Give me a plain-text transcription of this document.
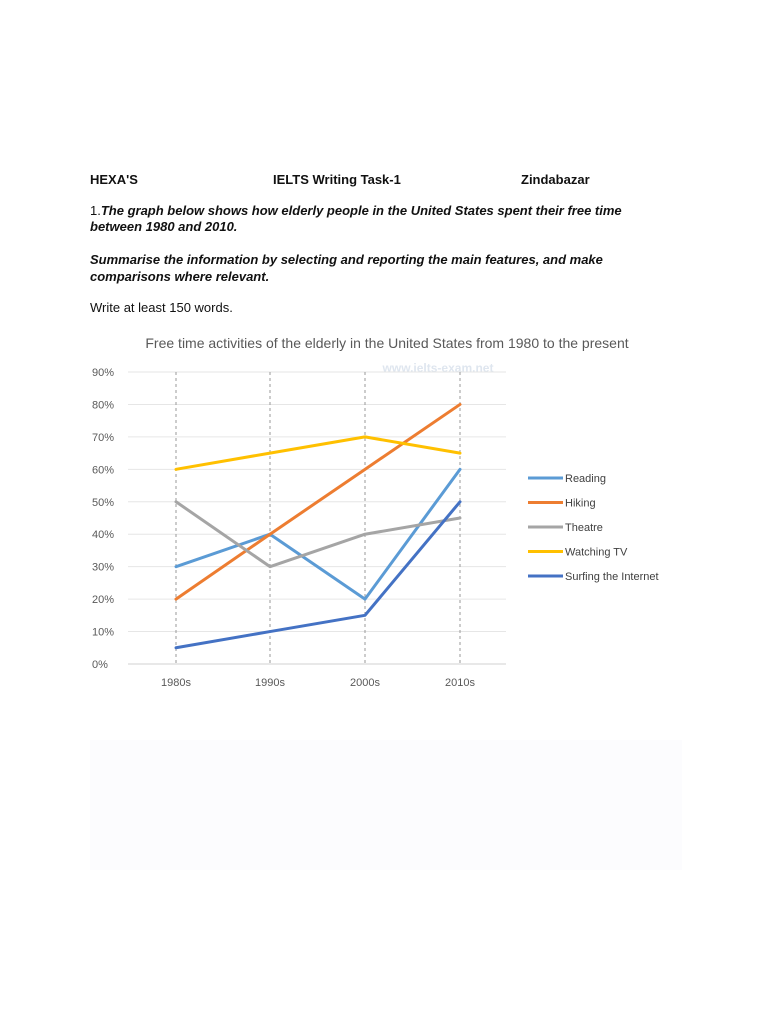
HEXA'S	IELTS Writing Task-1	Zindabazar
1.The graph below shows how elderly people in the United States spent their free time between 1980 and 2010.
Summarise the information by selecting and reporting the main features, and make comparisons where relevant.
Write at least 150 words.
Free time activities of the elderly in the United States from 1980 to the present
www.ielts-exam.net
0%
10%
20%
30%
40%
50%
60%
70%
80%
90%
1980s	1990s	2000s	2010s
Reading
Hiking
Theatre
Watching TV
Surfing the Internet
